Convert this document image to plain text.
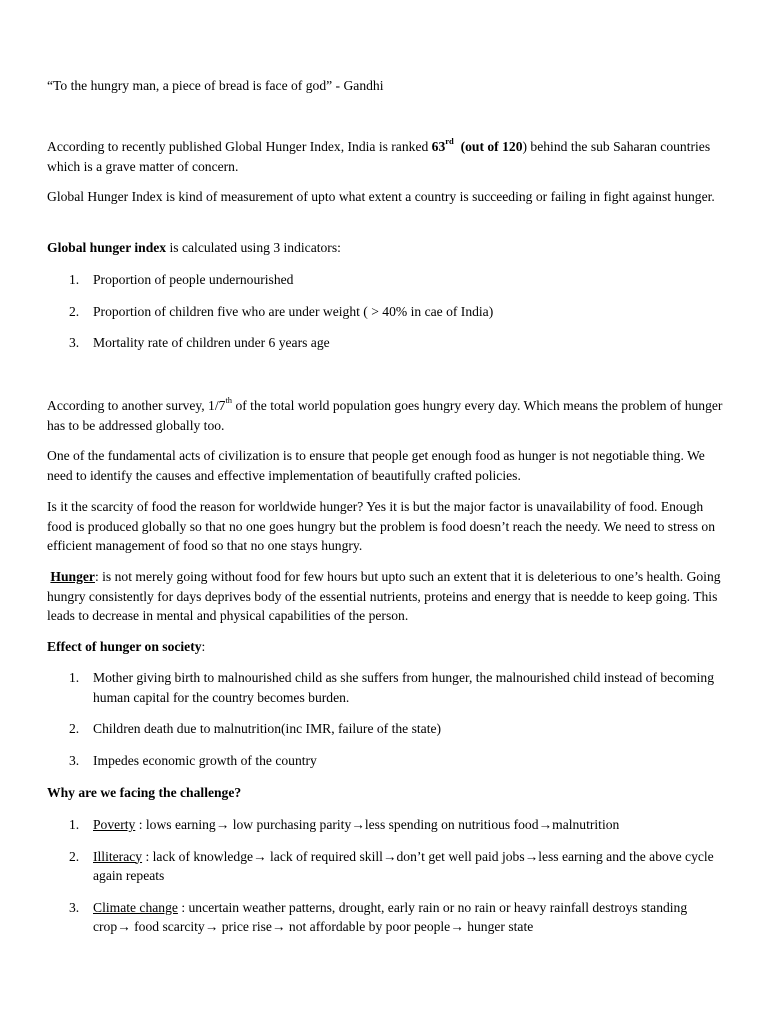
“To the hungry man, a piece of bread is face of god” - Gandhi

According to recently published Global Hunger Index, India is ranked 63rd (out of 120) behind the sub Saharan countries which is a grave matter of concern.

Global Hunger Index is kind of measurement of upto what extent a country is succeeding or failing in fight against hunger.

Global hunger index is calculated using 3 indicators:

1. Proportion of people undernourished
2. Proportion of children five who are under weight ( > 40% in cae of India)
3. Mortality rate of children under 6 years age

According to another survey, 1/7th of the total world population goes hungry every day. Which means the problem of hunger has to be addressed globally too.

One of the fundamental acts of civilization is to ensure that people get enough food as hunger is not negotiable thing. We need to identify the causes and effective implementation of beautifully crafted policies.

Is it the scarcity of food the reason for worldwide hunger? Yes it is but the major factor is unavailability of food. Enough food is produced globally so that no one goes hungry but the problem is food doesn’t reach the needy. We need to stress on efficient management of food so that no one stays hungry.

Hunger: is not merely going without food for few hours but upto such an extent that it is deleterious to one’s health. Going hungry consistently for days deprives body of the essential nutrients, proteins and energy that is needde to keep going. This leads to decrease in mental and physical capabilities of the person.

Effect of hunger on society:

1. Mother giving birth to malnourished child as she suffers from hunger, the malnourished child instead of becoming human capital for the country becomes burden.
2. Children death due to malnutrition(inc IMR, failure of the state)
3. Impedes economic growth of the country

Why are we facing the challenge?

1. Poverty : lows earning→ low purchasing parity→less spending on nutritious food→malnutrition
2. Illiteracy : lack of knowledge→ lack of required skill→don’t get well paid jobs→less earning and the above cycle again repeats
3. Climate change : uncertain weather patterns, drought, early rain or no rain or heavy rainfall destroys standing crop→ food scarcity→ price rise→ not affordable by poor people→ hunger state
